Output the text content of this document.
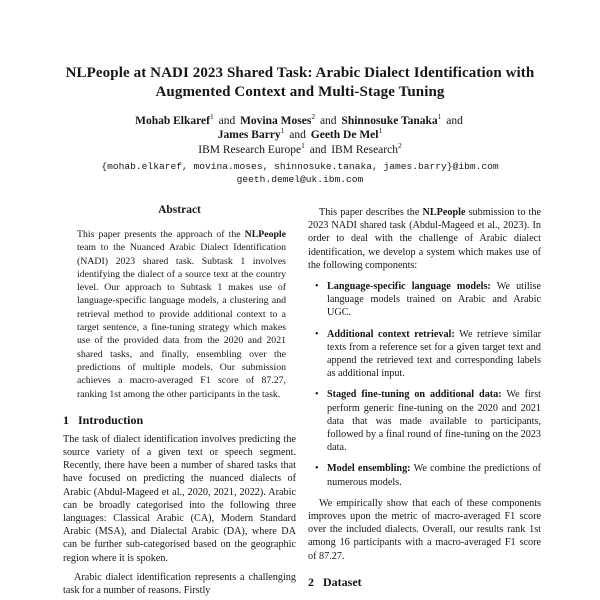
NLPeople at NADI 2023 Shared Task: Arabic Dialect Identification with
Augmented Context and Multi-Stage Tuning
Mohab Elkaref$^1$ and Movina Moses$^2$ and Shinnosuke Tanaka$^1$ and
James Barry$^1$ and Geeth De Mel$^1$
IBM Research Europe$^1$ and IBM Research$^2$
{mohab.elkaref, movina.moses, shinnosuke.tanaka, james.barry}@ibm.com
geeth.demel@uk.ibm.com
Abstract
This paper presents the approach of the NLPeople team to the Nuanced Arabic Dialect Identification (NADI) 2023 shared task. Subtask 1 involves identifying the dialect of a source text at the country level. Our approach to Subtask 1 makes use of language-specific language models, a clustering and retrieval method to provide additional context to a target sentence, a fine-tuning strategy which makes use of the provided data from the 2020 and 2021 shared tasks, and finally, ensembling over the predictions of multiple models. Our submission achieves a macro-averaged F1 score of 87.27, ranking 1st among the other participants in the task.
1 Introduction
The task of dialect identification involves predicting the source variety of a given text or speech segment. Recently, there have been a number of shared tasks that have focused on predicting the nuanced dialects of Arabic (Abdul-Mageed et al., 2020, 2021, 2022). Arabic can be broadly categorised into the following three languages: Classical Arabic (CA), Modern Standard Arabic (MSA), and Dialectal Arabic (DA), where DA can be further sub-categorised based on the geographic region where it is spoken.
Arabic dialect identification represents a challenging task for a number of reasons. Firstly
This paper describes the NLPeople submission to the 2023 NADI shared task (Abdul-Mageed et al., 2023). In order to deal with the challenge of Arabic dialect identification, we develop a system which makes use of the following components:
• Language-specific language models: We utilise language models trained on Arabic and Arabic UGC.
• Additional context retrieval: We retrieve similar texts from a reference set for a given target text and append the retrieved text and corresponding labels as additional input.
• Staged fine-tuning on additional data: We first perform generic fine-tuning on the 2020 and 2021 data that was made available to participants, followed by a final round of fine-tuning on the 2023 data.
• Model ensembling: We combine the predictions of numerous models.
We empirically show that each of these components improves upon the metric of macro-averaged F1 score over the included dialects. Overall, our results rank 1st among 16 participants with a macro-averaged F1 score of 87.27.
2 Dataset
